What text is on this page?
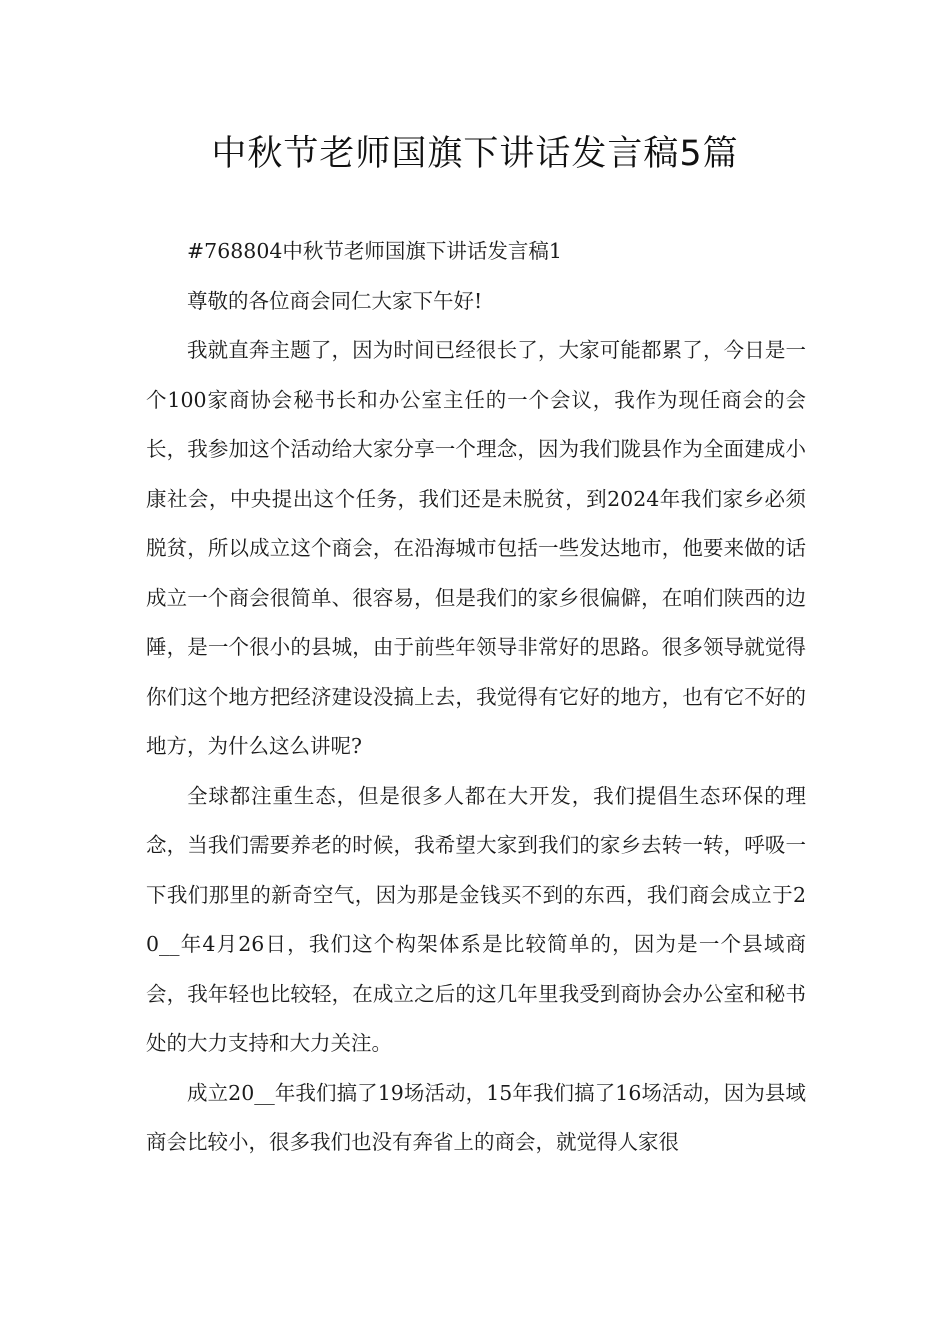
中秋节老师国旗下讲话发言稿5篇

#768804中秋节老师国旗下讲话发言稿1

尊敬的各位商会同仁大家下午好!

我就直奔主题了，因为时间已经很长了，大家可能都累了，今日是一个100家商协会秘书长和办公室主任的一个会议，我作为现任商会的会长，我参加这个活动给大家分享一个理念，因为我们陇县作为全面建成小康社会，中央提出这个任务，我们还是未脱贫，到2024年我们家乡必须脱贫，所以成立这个商会，在沿海城市包括一些发达地市，他要来做的话成立一个商会很简单、很容易，但是我们的家乡很偏僻，在咱们陕西的边陲，是一个很小的县城，由于前些年领导非常好的思路。很多领导就觉得你们这个地方把经济建设没搞上去，我觉得有它好的地方，也有它不好的地方，为什么这么讲呢?

全球都注重生态，但是很多人都在大开发，我们提倡生态环保的理念，当我们需要养老的时候，我希望大家到我们的家乡去转一转，呼吸一下我们那里的新奇空气，因为那是金钱买不到的东西，我们商会成立于20__年4月26日，我们这个构架体系是比较简单的，因为是一个县域商会，我年轻也比较轻，在成立之后的这几年里我受到商协会办公室和秘书处的大力支持和大力关注。

成立20__年我们搞了19场活动，15年我们搞了16场活动，因为县域商会比较小，很多我们也没有奔省上的商会，就觉得人家很
